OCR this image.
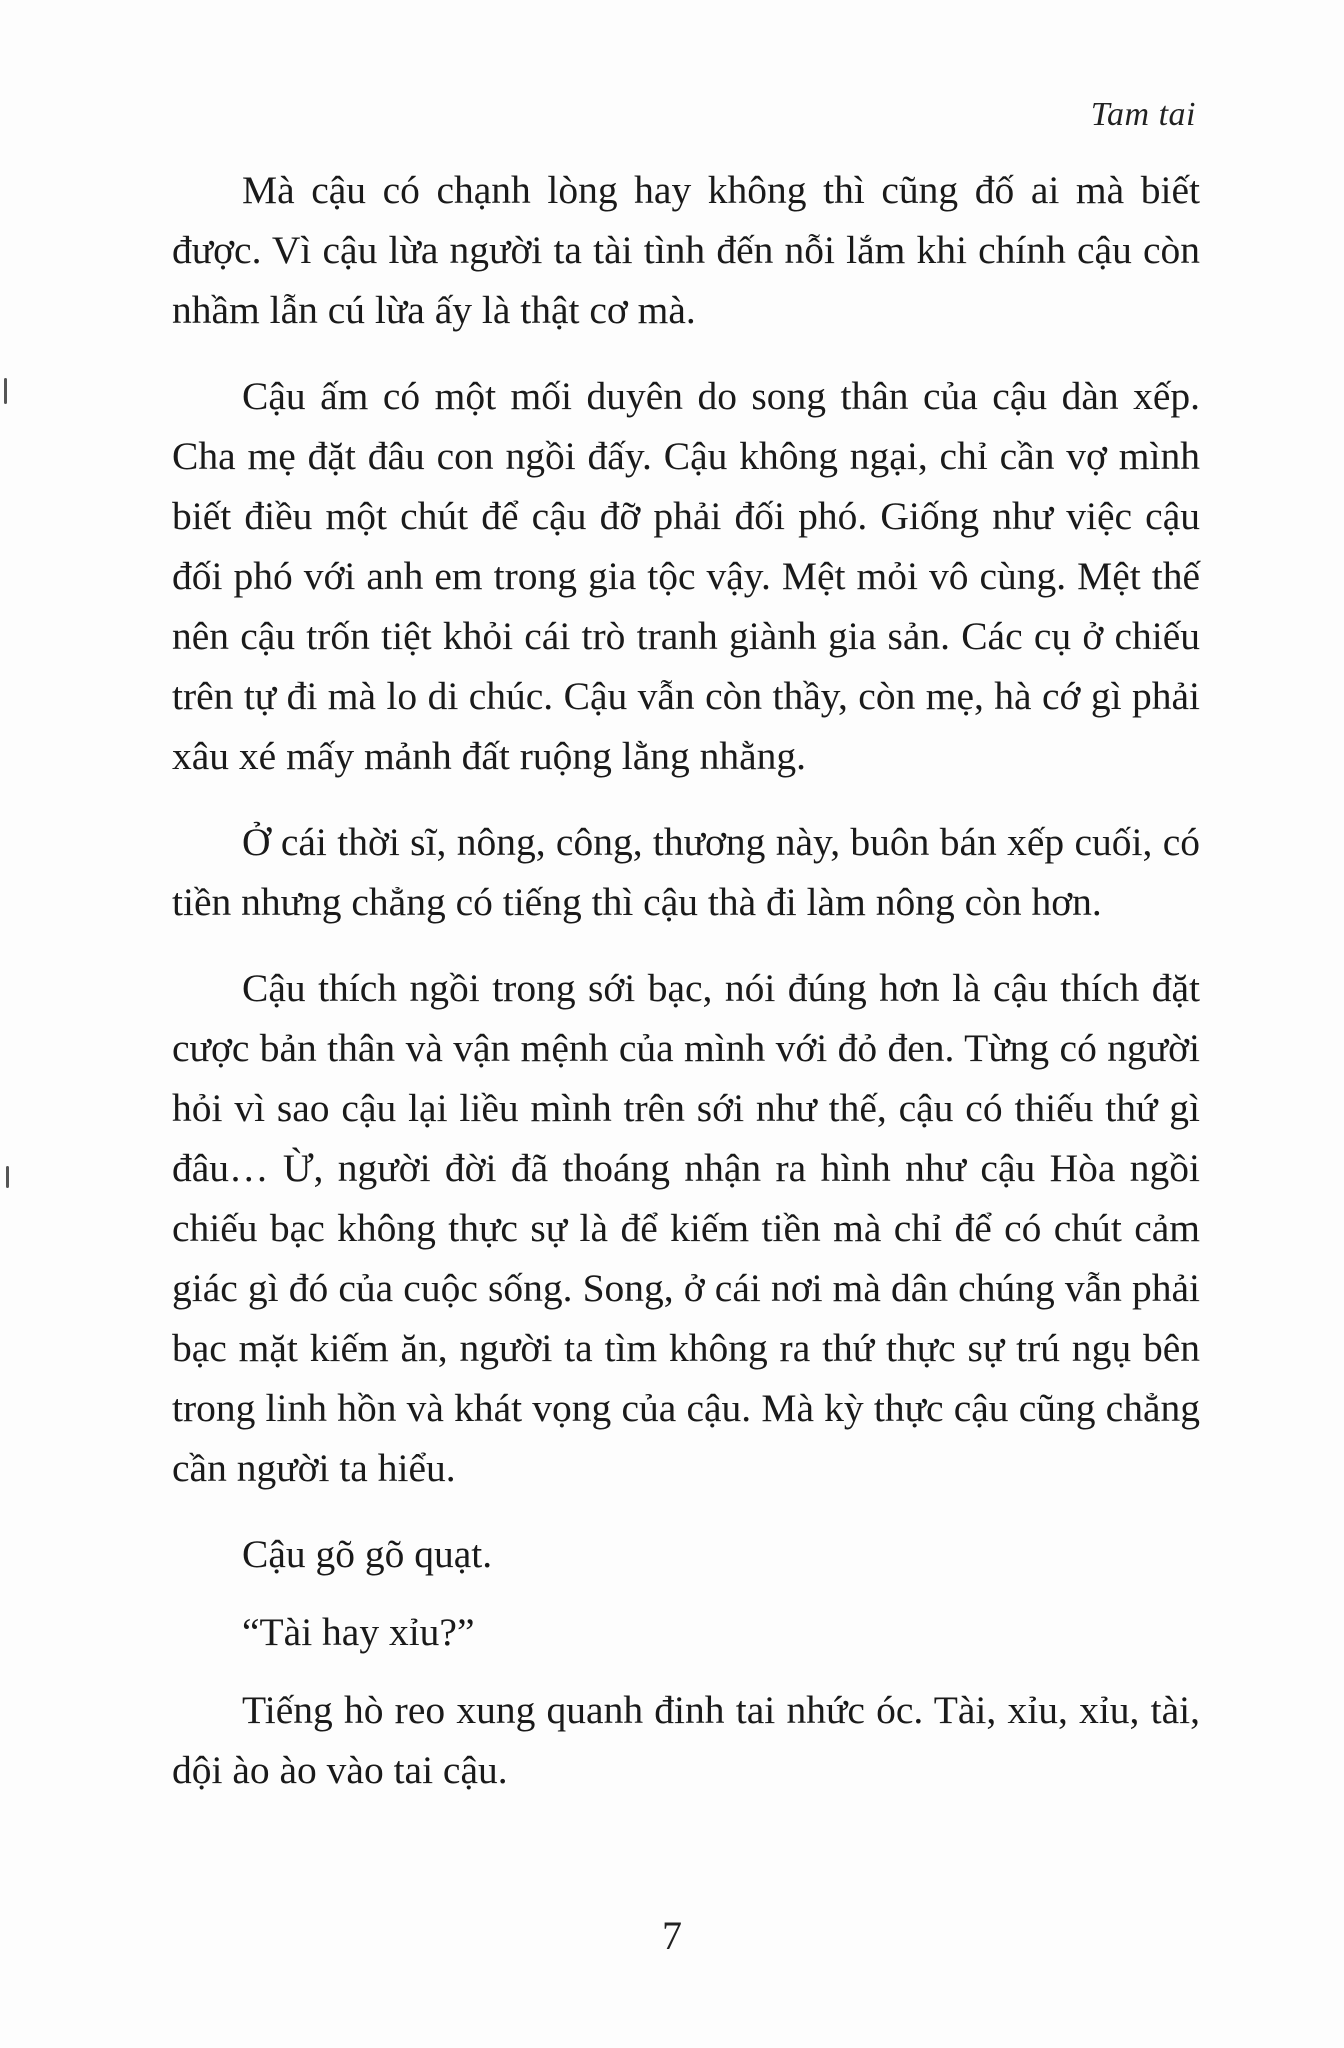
Tam tai

Mà cậu có chạnh lòng hay không thì cũng đố ai mà biết được. Vì cậu lừa người ta tài tình đến nỗi lắm khi chính cậu còn nhầm lẫn cú lừa ấy là thật cơ mà.

Cậu ấm có một mối duyên do song thân của cậu dàn xếp. Cha mẹ đặt đâu con ngồi đấy. Cậu không ngại, chỉ cần vợ mình biết điều một chút để cậu đỡ phải đối phó. Giống như việc cậu đối phó với anh em trong gia tộc vậy. Mệt mỏi vô cùng. Mệt thế nên cậu trốn tiệt khỏi cái trò tranh giành gia sản. Các cụ ở chiếu trên tự đi mà lo di chúc. Cậu vẫn còn thầy, còn mẹ, hà cớ gì phải xâu xé mấy mảnh đất ruộng lằng nhằng.

Ở cái thời sĩ, nông, công, thương này, buôn bán xếp cuối, có tiền nhưng chẳng có tiếng thì cậu thà đi làm nông còn hơn.

Cậu thích ngồi trong sới bạc, nói đúng hơn là cậu thích đặt cược bản thân và vận mệnh của mình với đỏ đen. Từng có người hỏi vì sao cậu lại liều mình trên sới như thế, cậu có thiếu thứ gì đâu… Ừ, người đời đã thoáng nhận ra hình như cậu Hòa ngồi chiếu bạc không thực sự là để kiếm tiền mà chỉ để có chút cảm giác gì đó của cuộc sống. Song, ở cái nơi mà dân chúng vẫn phải bạc mặt kiếm ăn, người ta tìm không ra thứ thực sự trú ngụ bên trong linh hồn và khát vọng của cậu. Mà kỳ thực cậu cũng chẳng cần người ta hiểu.

Cậu gõ gõ quạt.

“Tài hay xỉu?”

Tiếng hò reo xung quanh đinh tai nhức óc. Tài, xỉu, xỉu, tài, dội ào ào vào tai cậu.

7
